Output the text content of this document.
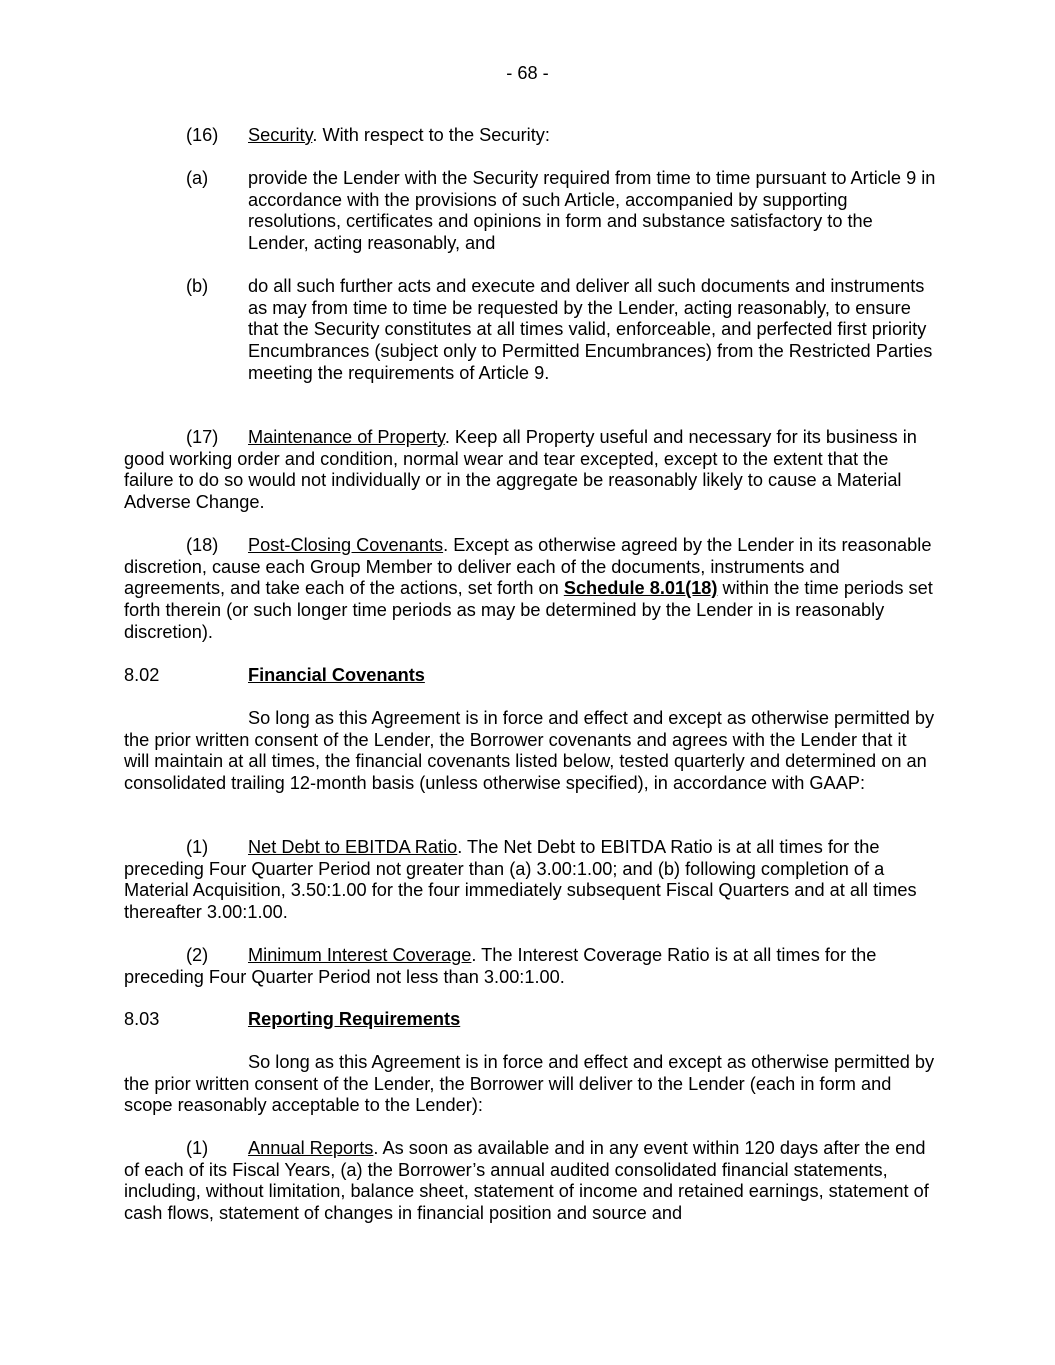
- 68 -
(16) Security. With respect to the Security:
(a) provide the Lender with the Security required from time to time pursuant to Article 9 in accordance with the provisions of such Article, accompanied by supporting resolutions, certificates and opinions in form and substance satisfactory to the Lender, acting reasonably, and
(b) do all such further acts and execute and deliver all such documents and instruments as may from time to time be requested by the Lender, acting reasonably, to ensure that the Security constitutes at all times valid, enforceable, and perfected first priority Encumbrances (subject only to Permitted Encumbrances) from the Restricted Parties meeting the requirements of Article 9.
(17) Maintenance of Property. Keep all Property useful and necessary for its business in good working order and condition, normal wear and tear excepted, except to the extent that the failure to do so would not individually or in the aggregate be reasonably likely to cause a Material Adverse Change.
(18) Post-Closing Covenants. Except as otherwise agreed by the Lender in its reasonable discretion, cause each Group Member to deliver each of the documents, instruments and agreements, and take each of the actions, set forth on Schedule 8.01(18) within the time periods set forth therein (or such longer time periods as may be determined by the Lender in is reasonably discretion).
8.02	Financial Covenants
So long as this Agreement is in force and effect and except as otherwise permitted by the prior written consent of the Lender, the Borrower covenants and agrees with the Lender that it will maintain at all times, the financial covenants listed below, tested quarterly and determined on an consolidated trailing 12-month basis (unless otherwise specified), in accordance with GAAP:
(1) Net Debt to EBITDA Ratio. The Net Debt to EBITDA Ratio is at all times for the preceding Four Quarter Period not greater than (a) 3.00:1.00; and (b) following completion of a Material Acquisition, 3.50:1.00 for the four immediately subsequent Fiscal Quarters and at all times thereafter 3.00:1.00.
(2) Minimum Interest Coverage. The Interest Coverage Ratio is at all times for the preceding Four Quarter Period not less than 3.00:1.00.
8.03	Reporting Requirements
So long as this Agreement is in force and effect and except as otherwise permitted by the prior written consent of the Lender, the Borrower will deliver to the Lender (each in form and scope reasonably acceptable to the Lender):
(1) Annual Reports. As soon as available and in any event within 120 days after the end of each of its Fiscal Years, (a) the Borrower’s annual audited consolidated financial statements, including, without limitation, balance sheet, statement of income and retained earnings, statement of cash flows, statement of changes in financial position and source and
